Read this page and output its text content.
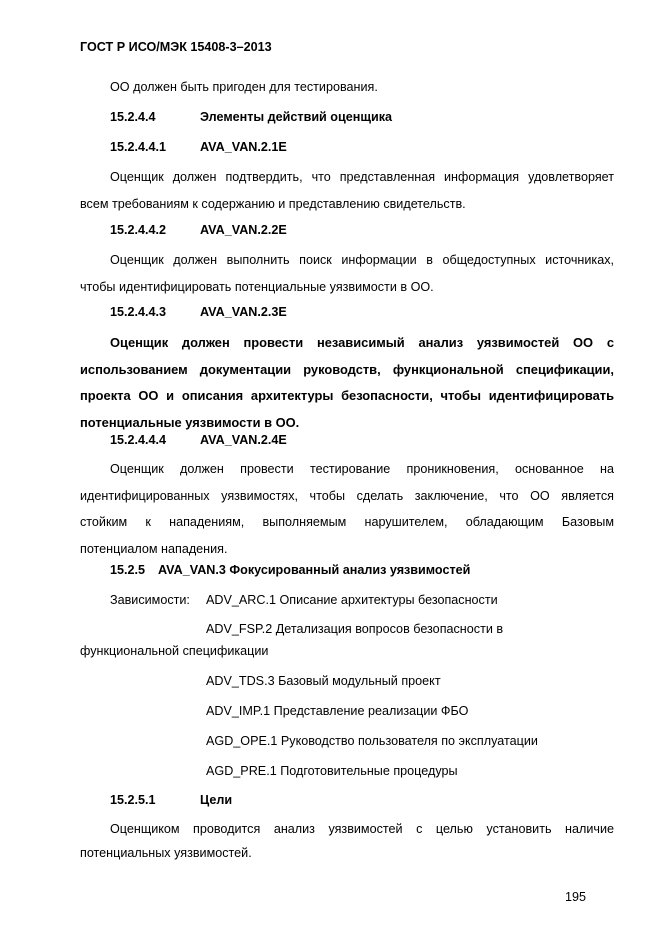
ГОСТ Р ИСО/МЭК 15408-3–2013
ОО должен быть пригоден для тестирования.
15.2.4.4	Элементы действий оценщика
15.2.4.4.1	AVA_VAN.2.1E
Оценщик должен подтвердить, что представленная информация удовлетворяет
всем требованиям к содержанию и представлению свидетельств.
15.2.4.4.2	AVA_VAN.2.2E
Оценщик должен выполнить поиск информации в общедоступных источниках,
чтобы идентифицировать потенциальные уязвимости в ОО.
15.2.4.4.3	AVA_VAN.2.3E
Оценщик должен провести независимый анализ уязвимостей ОО с
использованием документации руководств, функциональной спецификации,
проекта ОО и описания архитектуры безопасности, чтобы идентифицировать
потенциальные уязвимости в ОО.
15.2.4.4.4	AVA_VAN.2.4E
Оценщик должен провести тестирование проникновения, основанное на
идентифицированных уязвимостях, чтобы сделать заключение, что ОО является
стойким к нападениям, выполняемым нарушителем, обладающим Базовым
потенциалом нападения.
15.2.5 AVA_VAN.3 Фокусированный анализ уязвимостей
Зависимости: ADV_ARC.1 Описание архитектуры безопасности
ADV_FSP.2 Детализация вопросов безопасности в
функциональной спецификации
ADV_TDS.3 Базовый модульный проект
ADV_IMP.1 Представление реализации ФБО
AGD_OPE.1 Руководство пользователя по эксплуатации
AGD_PRE.1 Подготовительные процедуры
15.2.5.1	Цели
Оценщиком проводится анализ уязвимостей с целью установить наличие
потенциальных уязвимостей.
195
